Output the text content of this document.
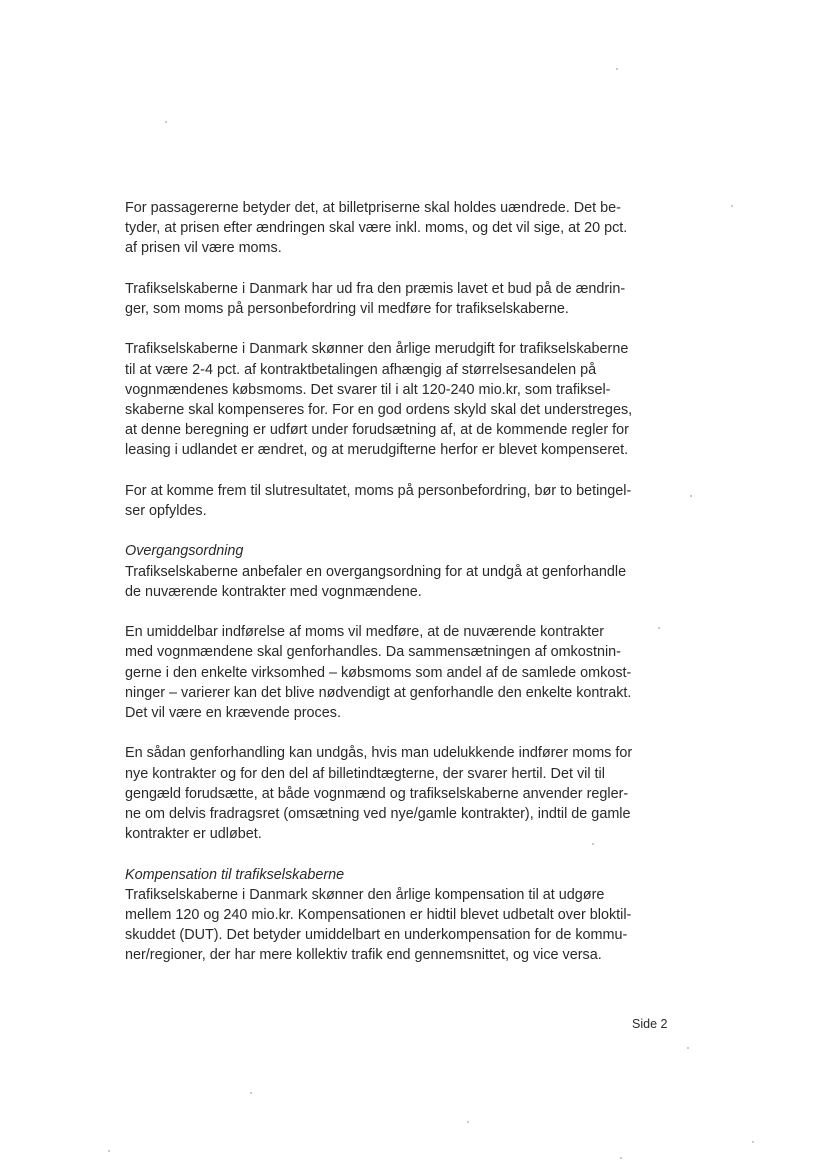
For passagererne betyder det, at billetpriserne skal holdes uændrede. Det be-
tyder, at prisen efter ændringen skal være inkl. moms, og det vil sige, at 20 pct.
af prisen vil være moms.

Trafikselskaberne i Danmark har ud fra den præmis lavet et bud på de ændrin-
ger, som moms på personbefordring vil medføre for trafikselskaberne.

Trafikselskaberne i Danmark skønner den årlige merudgift for trafikselskaberne
til at være 2-4 pct. af kontraktbetalingen afhængig af størrelsesandelen på
vognmændenes købsmoms. Det svarer til i alt 120-240 mio.kr, som trafiksel-
skaberne skal kompenseres for. For en god ordens skyld skal det understreges,
at denne beregning er udført under forudsætning af, at de kommende regler for
leasing i udlandet er ændret, og at merudgifterne herfor er blevet kompenseret.

For at komme frem til slutresultatet, moms på personbefordring, bør to betingel-
ser opfyldes.

Overgangsordning
Trafikselskaberne anbefaler en overgangsordning for at undgå at genforhandle
de nuværende kontrakter med vognmændene.

En umiddelbar indførelse af moms vil medføre, at de nuværende kontrakter
med vognmændene skal genforhandles. Da sammensætningen af omkostnin-
gerne i den enkelte virksomhed – købsmoms som andel af de samlede omkost-
ninger – varierer kan det blive nødvendigt at genforhandle den enkelte kontrakt.
Det vil være en krævende proces.

En sådan genforhandling kan undgås, hvis man udelukkende indfører moms for
nye kontrakter og for den del af billetindtægterne, der svarer hertil. Det vil til
gengæld forudsætte, at både vognmænd og trafikselskaberne anvender regler-
ne om delvis fradragsret (omsætning ved nye/gamle kontrakter), indtil de gamle
kontrakter er udløbet.

Kompensation til trafikselskaberne
Trafikselskaberne i Danmark skønner den årlige kompensation til at udgøre
mellem 120 og 240 mio.kr. Kompensationen er hidtil blevet udbetalt over bloktil-
skuddet (DUT). Det betyder umiddelbart en underkompensation for de kommu-
ner/regioner, der har mere kollektiv trafik end gennemsnittet, og vice versa.

Side 2
